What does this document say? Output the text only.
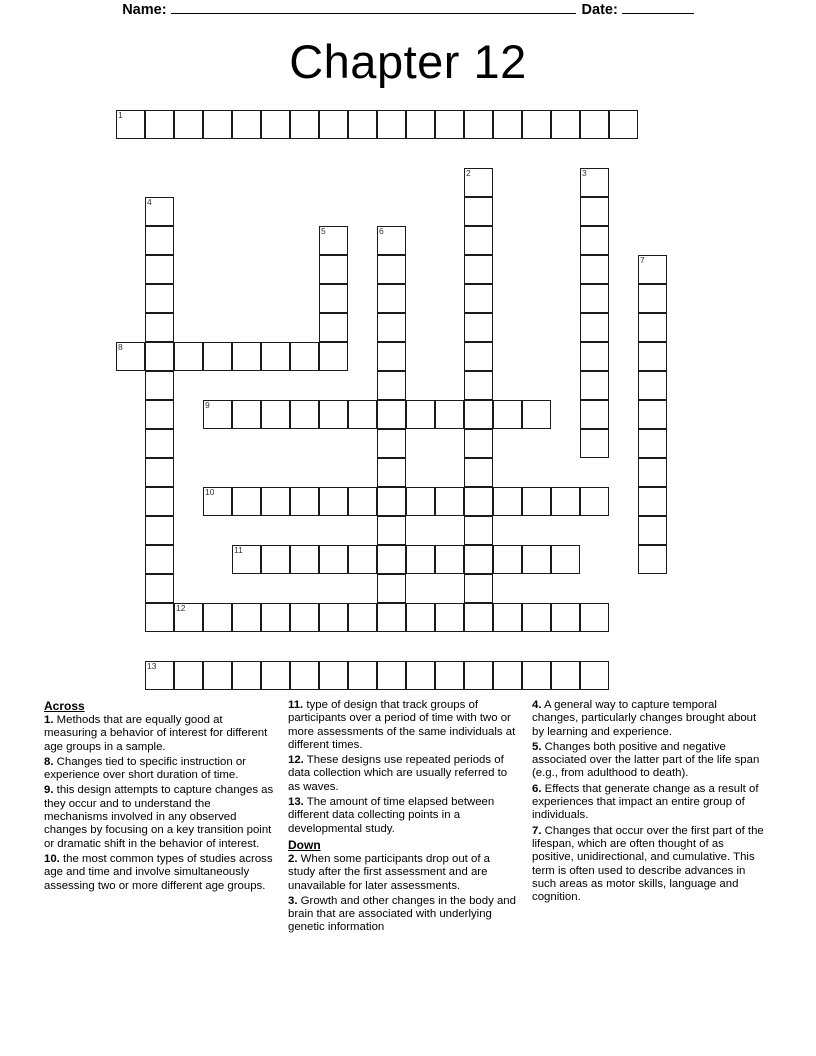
Name:	Date:
Chapter 12
1
2	3
4
5	6
7
8
9
10
11
12
13
Across

1. Methods that are equally good at measuring a behavior of interest for different age groups in a sample.

8. Changes tied to specific instruction or experience over short duration of time.

9. this design attempts to capture changes as they occur and to understand the mechanisms involved in any observed changes by focusing on a key transition point or dramatic shift in the behavior of interest.

10. the most common types of studies across age and time and involve simultaneously assessing two or more different age groups.

11. type of design that track groups of participants over a period of time with two or more assessments of the same individuals at different times.

12. These designs use repeated periods of data collection which are usually referred to as waves.

13. The amount of time elapsed between different data collecting points in a developmental study.

Down

2. When some participants drop out of a study after the first assessment and are unavailable for later assessments.

3. Growth and other changes in the body and brain that are associated with underlying genetic information

4. A general way to capture temporal changes, particularly changes brought about by learning and experience.

5. Changes both positive and negative associated over the latter part of the life span (e.g., from adulthood to death).

6. Effects that generate change as a result of experiences that impact an entire group of individuals.

7. Changes that occur over the first part of the lifespan, which are often thought of as positive, unidirectional, and cumulative. This term is often used to describe advances in such areas as motor skills, language and cognition.
